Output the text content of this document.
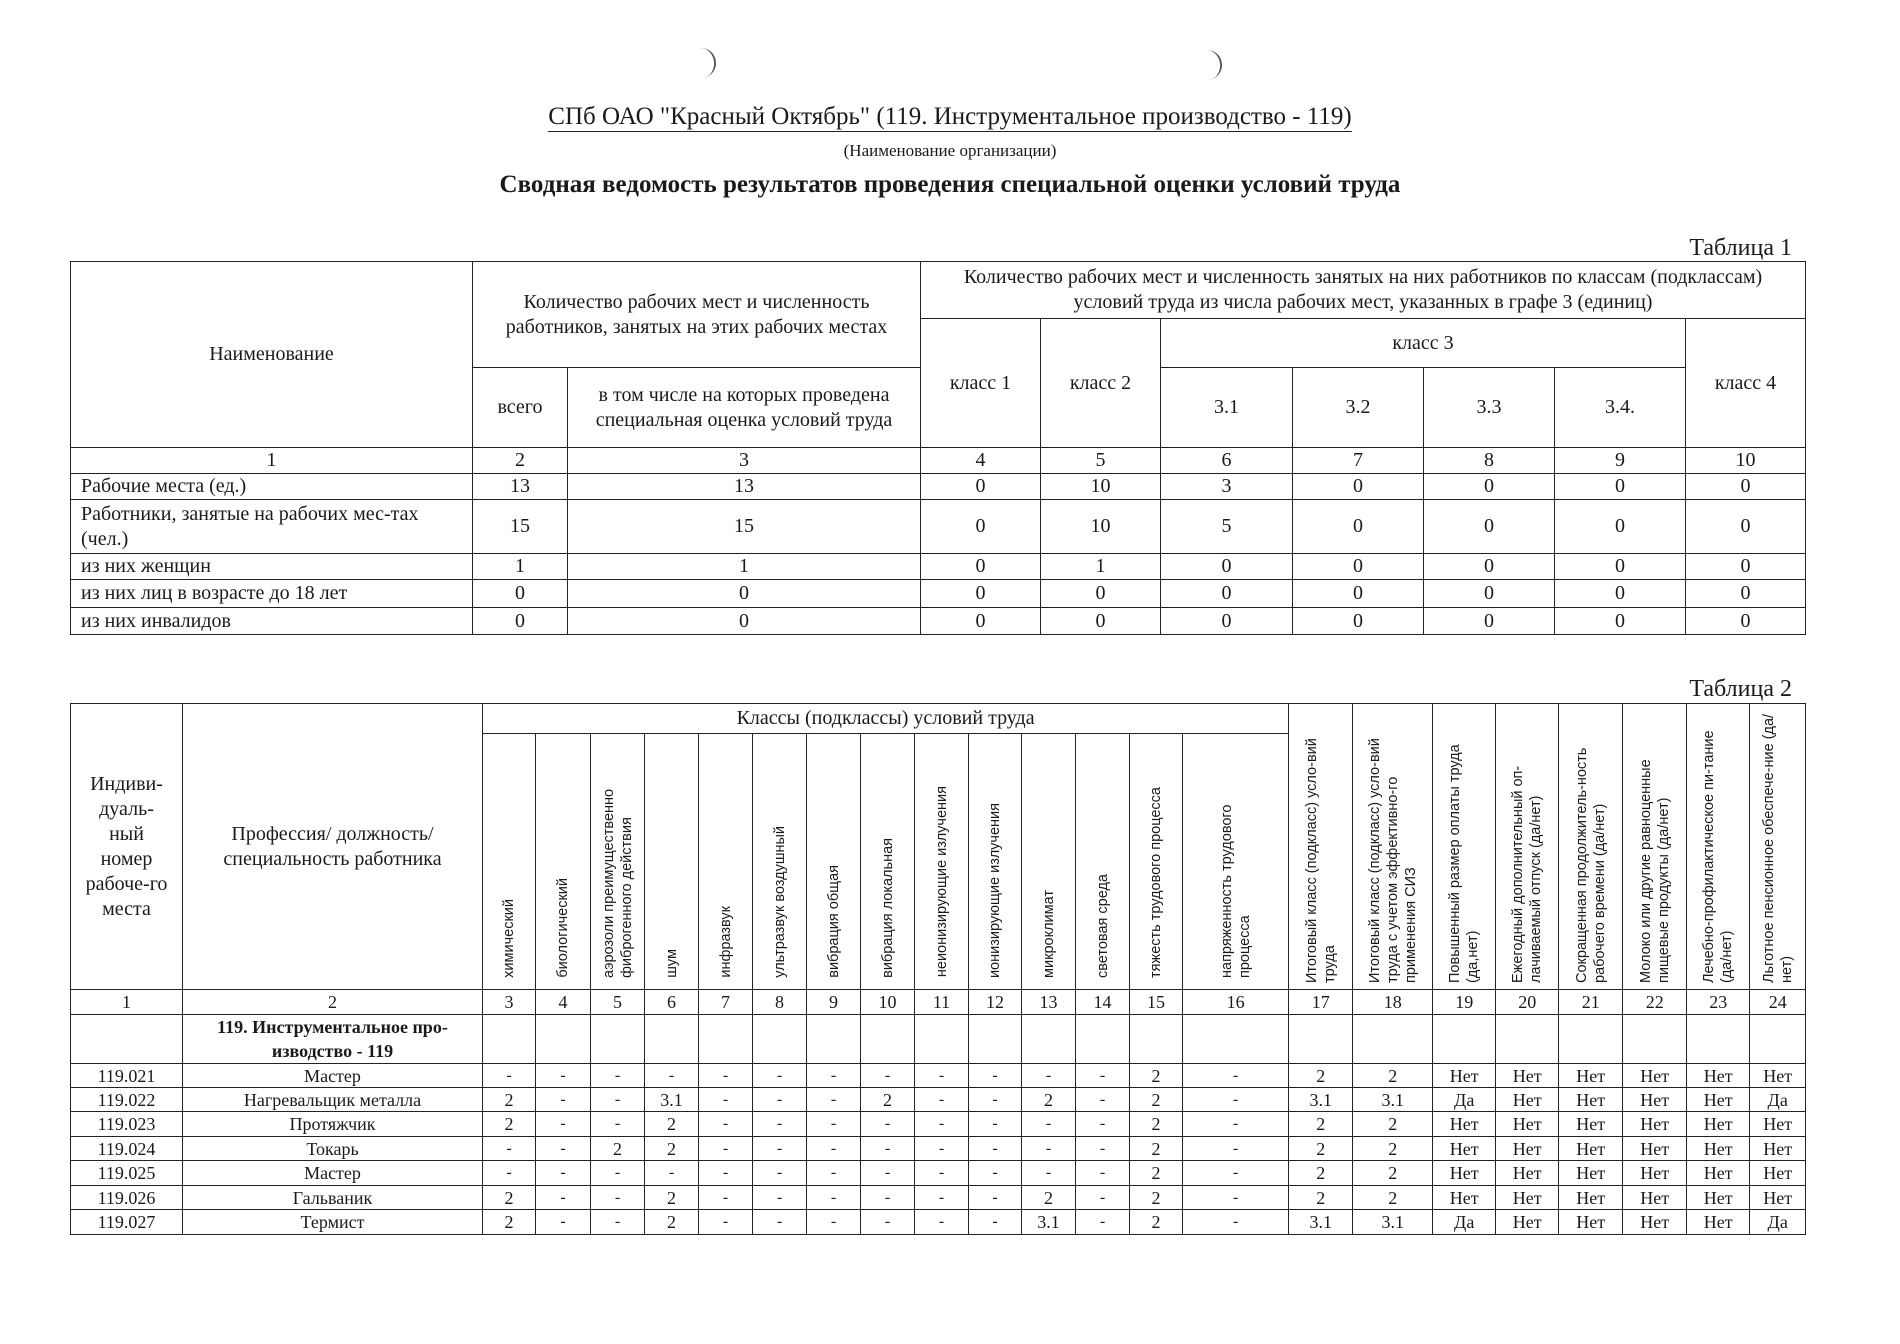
СПб ОАО "Красный Октябрь" (119. Инструментальное производство - 119)
(Наименование организации)
Сводная ведомость результатов проведения специальной оценки условий труда
Таблица 1
Наименование	Количество рабочих мест и численность работников, занятых на этих рабочих местах		Количество рабочих мест и численность занятых на них работников по классам (подклассам) условий труда из числа рабочих мест, указанных в графе 3 (единиц)						
			класс 1	класс 2	класс 3				класс 4
	всего	в том числе на которых проведена специальная оценка условий труда			3.1	3.2	3.3	3.4.	
1	2	3	4	5	6	7	8	9	10
Рабочие места (ед.)	13	13	0	10	3	0	0	0	0
Работники, занятые на рабочих мес-тах (чел.)	15	15	0	10	5	0	0	0	0
из них женщин	1	1	0	1	0	0	0	0	0
из них лиц в возрасте до 18 лет	0	0	0	0	0	0	0	0	0
из них инвалидов	0	0	0	0	0	0	0	0	0
Таблица 2
Индиви-дуаль-ный номер рабоче-го места	Профессия/ должность/ специальность работника	Классы (подклассы) условий труда														Итоговый класс (подкласс) усло-вий труда	Итоговый класс (подкласс) усло-вий труда с учетом эффективно-го применения СИЗ	Повышенный размер оплаты труда (да,нет)	Ежегодный дополнительный оп-лачиваемый отпуск (да/нет)	Сокращенная продолжитель-ность рабочего времени (да/нет)	Молоко или другие равноценные пищевые продукты (да/нет)	Лечебно-профилактическое пи-тание (да/нет)	Льготное пенсионное обеспече-ние (да/нет)

		химический	биологический	аэрозоли преимущественно фиброгенного действия	шум	инфразвук	ультразвук воздушный	вибрация общая	вибрация локальная	неионизирующие излучения	ионизирующие излучения	микроклимат	световая среда	тяжесть трудового процесса	напряженность трудового процесса								

1	2	3	4	5	6	7	8	9	10	11	12	13	14	15	16	17	18	19	20	21	22	23	24
	119. Инструментальное про-изводство - 119																						
119.021	Мастер	-	-	-	-	-	-	-	-	-	-	-	-	2	-	2	2	Нет	Нет	Нет	Нет	Нет	Нет
119.022	Нагревальщик металла	2	-	-	3.1	-	-	-	2	-	-	2	-	2	-	3.1	3.1	Да	Нет	Нет	Нет	Нет	Да
119.023	Протяжчик	2	-	-	2	-	-	-	-	-	-	-	-	2	-	2	2	Нет	Нет	Нет	Нет	Нет	Нет
119.024	Токарь	-	-	2	2	-	-	-	-	-	-	-	-	2	-	2	2	Нет	Нет	Нет	Нет	Нет	Нет
119.025	Мастер	-	-	-	-	-	-	-	-	-	-	-	-	2	-	2	2	Нет	Нет	Нет	Нет	Нет	Нет
119.026	Гальваник	2	-	-	2	-	-	-	-	-	-	2	-	2	-	2	2	Нет	Нет	Нет	Нет	Нет	Нет
119.027	Термист	2	-	-	2	-	-	-	-	-	-	3.1	-	2	-	3.1	3.1	Да	Нет	Нет	Нет	Нет	Да
